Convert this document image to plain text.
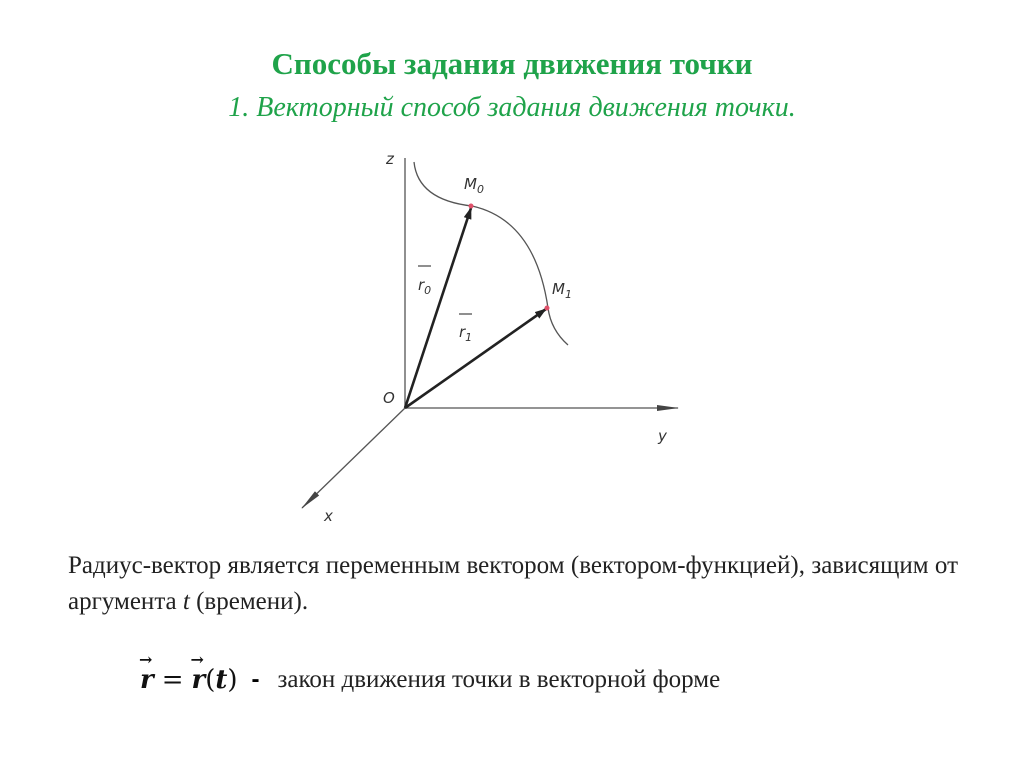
Способы задания движения точки
1. Векторный способ задания движения точки.
z
y
x
O
$M_0$
$M_1$
$r_0$
$r_1$
Радиус-вектор является переменным вектором (вектором-функцией), зависящим от аргумента t (времени).
→
r =
→
r ( t ) - закон движения точки в векторной форме
